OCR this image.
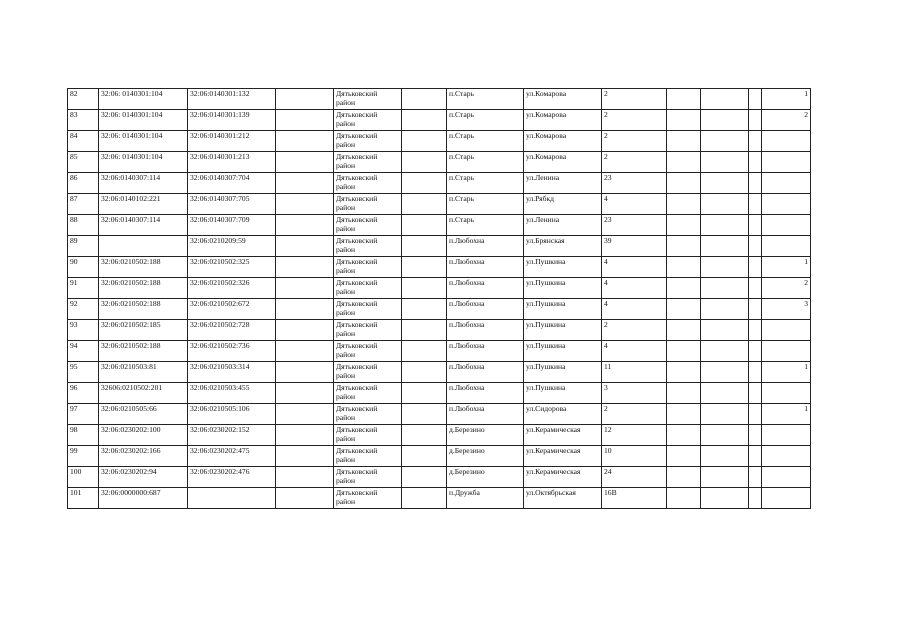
82	32:06: 0140301:104	32:06:0140301:132		Дятьковский
район		п.Старь	ул.Комарова	2				1
83	32:06: 0140301:104	32:06:0140301:139		Дятьковский
район		п.Старь	ул.Комарова	2				2
84	32:06: 0140301:104	32:06:0140301:212		Дятьковский
район		п.Старь	ул.Комарова	2				
85	32:06: 0140301:104	32:06:0140301:213		Дятьковский
район		п.Старь	ул.Комарова	2				
86	32:06:0140307:114	32:06:0140307:704		Дятьковский
район		п.Старь	ул.Ленина	23				
87	32:06:0140102:221	32:06:0140307:705		Дятьковский
район		п.Старь	ул.Рябкд	4				
88	32:06:0140307:114	32:06:0140307:709		Дятьковский
район		п.Старь	ул.Ленина	23				
89		32:06:0210209:59		Дятьковский
район		п.Любохна	ул.Брянская	39				
90	32:06:0210502:188	32:06:0210502:325		Дятьковский
район		п.Любохна	ул.Пушкина	4				1
91	32:06:0210502:188	32:06:0210502:326		Дятьковский
район		п.Любохна	ул.Пушкина	4				2
92	32:06:0210502:188	32:06:0210502:672		Дятьковский
район		п.Любохна	ул.Пушкина	4				3
93	32:06:0210502:185	32:06:0210502:728		Дятьковский
район		п.Любохна	ул.Пушкина	2				
94	32:06:0210502:188	32:06:0210502:736		Дятьковский
район		п.Любохна	ул.Пушкина	4				
95	32:06:0210503:81	32:06:0210503:314		Дятьковский
район		п.Любохна	ул.Пушкина	11				1
96	32606:0210502:201	32:06:0210503:455		Дятьковский
район		п.Любохна	ул.Пушкина	3				
97	32:06:0210505:66	32:06:0210505:106		Дятьковский
район		п.Любохна	ул.Сидорова	2				1
98	32:06:0230202:100	32:06:0230202:152		Дятьковский
район		д.Березино	ул.Керамическая	12				
99	32:06:0230202:166	32:06:0230202:475		Дятьковский
район		д.Березино	ул.Керамическая	10				
100	32:06:0230202:94	32:06:0230202:476		Дятьковский
район		д.Березино	ул.Керамическая	24				
101	32:06:0000000:687			Дятьковский
район		п.Дружба	ул.Октябрьская	16В				
